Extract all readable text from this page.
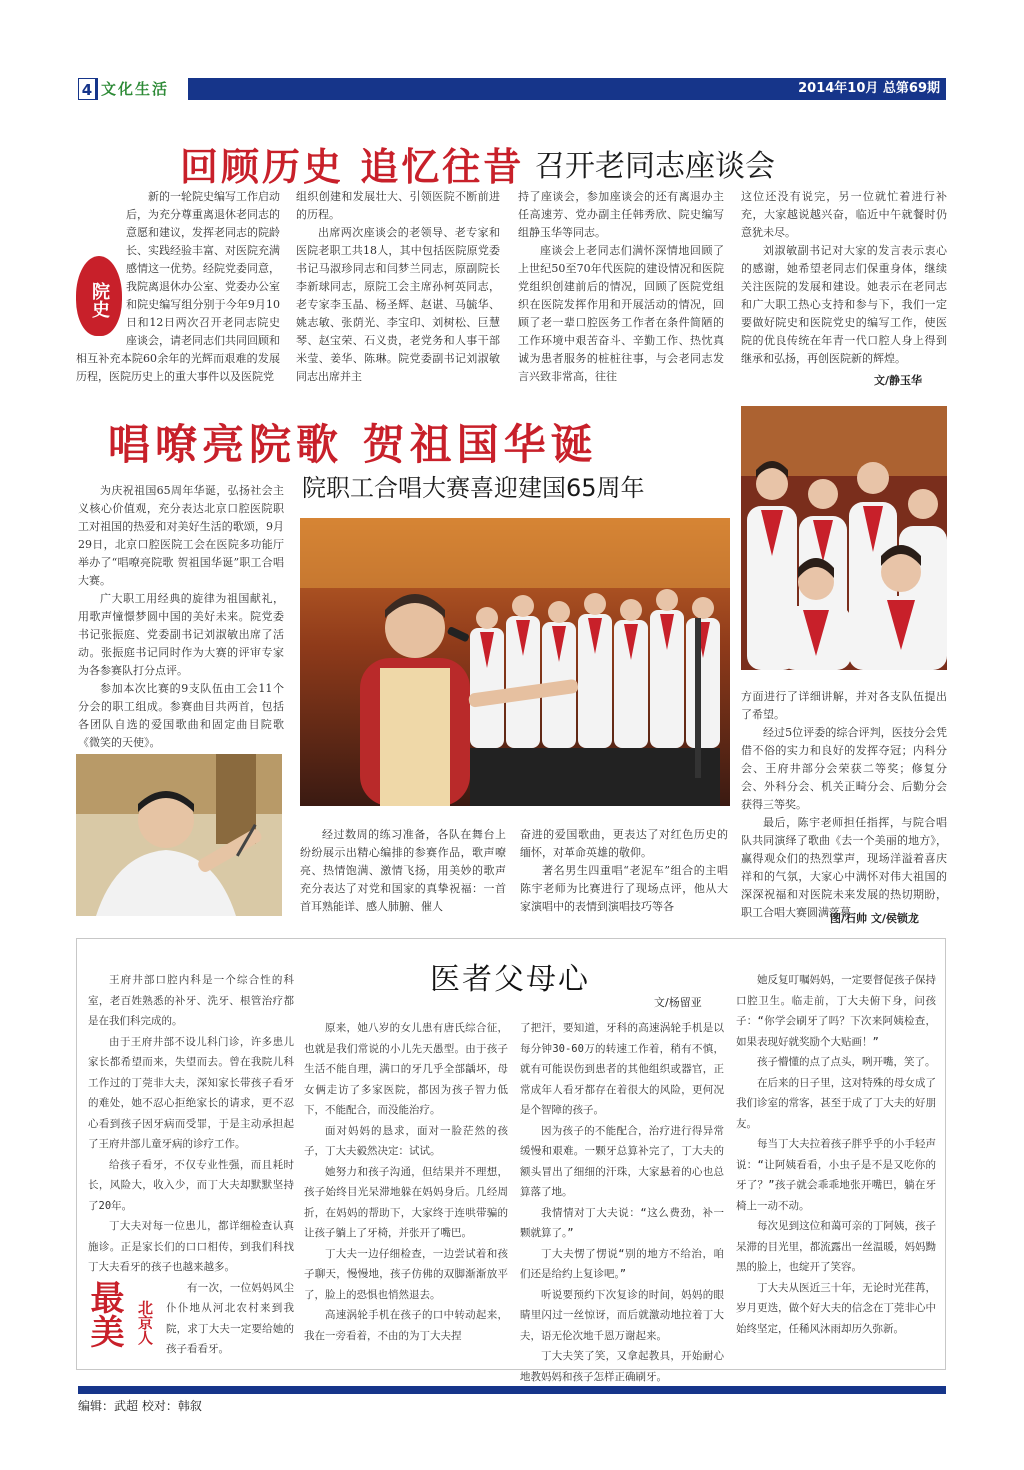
4 文化生活	2014年10月 总第69期
回顾历史 追忆往昔 召开老同志座谈会
院史

新的一轮院史编写工作启动后，为充分尊重离退休老同志的意愿和建议，发挥老同志的院龄长、实践经验丰富、对医院充满感情这一优势。经院党委同意，我院离退休办公室、党委办公室和院史编写组分别于今年9月10日和12日两次召开老同志院史座谈会，请老同志们共同回顾和相互补充本院60余年的光辉而艰难的发展历程，医院历史上的重大事件以及医院党

组织创建和发展壮大、引领医院不断前进的历程。

出席两次座谈会的老领导、老专家和医院老职工共18人，其中包括医院原党委书记马淑珍同志和闫梦兰同志，原副院长李新球同志，原院工会主席孙柯英同志，老专家李玉晶、杨圣辉、赵谌、马毓华、姚志敏、张荫光、李宝印、刘树松、巨慧琴、赵宝荣、石义贵，老党务和人事干部米莹、姜华、陈琳。院党委副书记刘淑敏同志出席并主

持了座谈会，参加座谈会的还有离退办主任高速芳、党办副主任韩秀欣、院史编写组静玉华等同志。

座谈会上老同志们满怀深情地回顾了上世纪50至70年代医院的建设情况和医院党组织创建前后的情况，回顾了医院党组织在医院发挥作用和开展活动的情况，回顾了老一辈口腔医务工作者在条件简陋的工作环境中艰苦奋斗、辛勤工作、热忱真诚为患者服务的桩桩往事，与会老同志发言兴致非常高，往往

这位还没有说完，另一位就忙着进行补充，大家越说越兴奋，临近中午就餐时仍意犹未尽。

刘淑敏副书记对大家的发言表示衷心的感谢，她希望老同志们保重身体，继续关注医院的发展和建设。她表示在老同志和广大职工热心支持和参与下，我们一定要做好院史和医院党史的编写工作，使医院的优良传统在年青一代口腔人身上得到继承和弘扬，再创医院新的辉煌。

文/静玉华
唱嘹亮院歌 贺祖国华诞
院职工合唱大赛喜迎建国65周年

为庆祝祖国65周年华诞，弘扬社会主义核心价值观，充分表达北京口腔医院职工对祖国的热爱和对美好生活的歌颂，9月29日，北京口腔医院工会在医院多功能厅举办了“唱嘹亮院歌 贺祖国华诞”职工合唱大赛。

广大职工用经典的旋律为祖国献礼，用歌声憧憬梦圆中国的美好未来。院党委书记张振庭、党委副书记刘淑敏出席了活动。张振庭书记同时作为大赛的评审专家为各参赛队打分点评。

参加本次比赛的9支队伍由工会11个分会的职工组成。参赛曲目共两首，包括各团队自选的爱国歌曲和固定曲目院歌《微笑的天使》。

经过数周的练习准备，各队在舞台上纷纷展示出精心编排的参赛作品，歌声嘹亮、热情饱满、激情飞扬，用美妙的歌声充分表达了对党和国家的真挚祝福：一首首耳熟能详、感人肺腑、催人

奋进的爱国歌曲，更表达了对红色历史的缅怀，对革命英雄的敬仰。

著名男生四重唱“老泥车”组合的主唱陈宇老师为比赛进行了现场点评，他从大家演唱中的表情到演唱技巧等各

方面进行了详细讲解，并对各支队伍提出了希望。

经过5位评委的综合评判，医技分会凭借不俗的实力和良好的发挥夺冠；内科分会、王府井部分会荣获二等奖；修复分会、外科分会、机关正畸分会、后勤分会获得三等奖。

最后，陈宇老师担任指挥，与院合唱队共同演绎了歌曲《去一个美丽的地方》，赢得观众们的热烈掌声，现场洋溢着喜庆祥和的气氛，大家心中满怀对伟大祖国的深深祝福和对医院未来发展的热切期盼，职工合唱大赛圆满落幕。

图/石帅 文/侯锁龙
医者父母心
文/杨留亚

王府井部口腔内科是一个综合性的科室，老百姓熟悉的补牙、洗牙、根管治疗都是在我们科完成的。

由于王府井部不设儿科门诊，许多患儿家长都希望而来，失望而去。曾在我院儿科工作过的丁莞非大夫，深知家长带孩子看牙的难处，她不忍心拒绝家长的请求，更不忍心看到孩子因牙病而受罪，于是主动承担起了王府井部儿童牙病的诊疗工作。

给孩子看牙，不仅专业性强，而且耗时长，风险大，收入少，而丁大夫却默默坚持了20年。

丁大夫对每一位患儿，都详细检查认真施诊。正是家长们的口口相传，到我们科找丁大夫看牙的孩子也越来越多。

最美 北京人

有一次，一位妈妈风尘仆仆地从河北农村来到我院，求丁大夫一定要给她的孩子看看牙。

原来，她八岁的女儿患有唐氏综合征，也就是我们常说的小儿先天愚型。由于孩子生活不能自理，满口的牙几乎全部龋坏，母女俩走访了多家医院，都因为孩子智力低下，不能配合，而没能治疗。

面对妈妈的恳求，面对一脸茫然的孩子，丁大夫毅然决定：试试。

她努力和孩子沟通，但结果并不理想，孩子始终目光呆滞地躲在妈妈身后。几经周折，在妈妈的帮助下，大家终于连哄带骗的让孩子躺上了牙椅，并张开了嘴巴。

丁大夫一边仔细检查，一边尝试着和孩子聊天，慢慢地，孩子仿佛的双脚渐渐放平了，脸上的恐惧也悄然退去。

高速涡轮手机在孩子的口中转动起来，我在一旁看着，不由的为丁大夫捏

了把汗，要知道，牙科的高速涡轮手机是以每分钟30-60万的转速工作着，稍有不慎，就有可能误伤到患者的其他组织或器官，正常成年人看牙都存在着很大的风险，更何况是个智障的孩子。

因为孩子的不能配合，治疗进行得异常缓慢和艰难。一颗牙总算补完了，丁大夫的额头冒出了细细的汗珠，大家悬着的心也总算落了地。

我情情对丁大夫说：“这么费劲，补一颗就算了。”

丁大夫愣了愣说“别的地方不给治，咱们还是给约上复诊吧。”

听说要预约下次复诊的时间，妈妈的眼睛里闪过一丝惊讶，而后就激动地拉着丁大夫，语无伦次地千恩万谢起来。

丁大夫笑了笑，又拿起教具，开始耐心地教妈妈和孩子怎样正确刷牙。

她反复叮嘱妈妈，一定要督促孩子保持口腔卫生。临走前，丁大夫俯下身，问孩子：“你学会刷牙了吗？下次来阿姨检查，如果表现好就奖励个大贴画！”

孩子懵懂的点了点头，咧开嘴，笑了。

在后来的日子里，这对特殊的母女成了我们诊室的常客，甚至于成了丁大夫的好朋友。

每当丁大夫拉着孩子胖乎乎的小手轻声说：“让阿姨看看，小虫子是不是又吃你的牙了？”孩子就会乖乖地张开嘴巴，躺在牙椅上一动不动。

每次见到这位和蔼可亲的丁阿姨，孩子呆滞的目光里，都流露出一丝温暖，妈妈黝黑的脸上，也绽开了笑容。

丁大夫从医近三十年，无论时光荏苒，岁月更迭，做个好大夫的信念在丁莞非心中始终坚定，任稀风沐雨却历久弥新。

编辑：武超 校对：韩叙
